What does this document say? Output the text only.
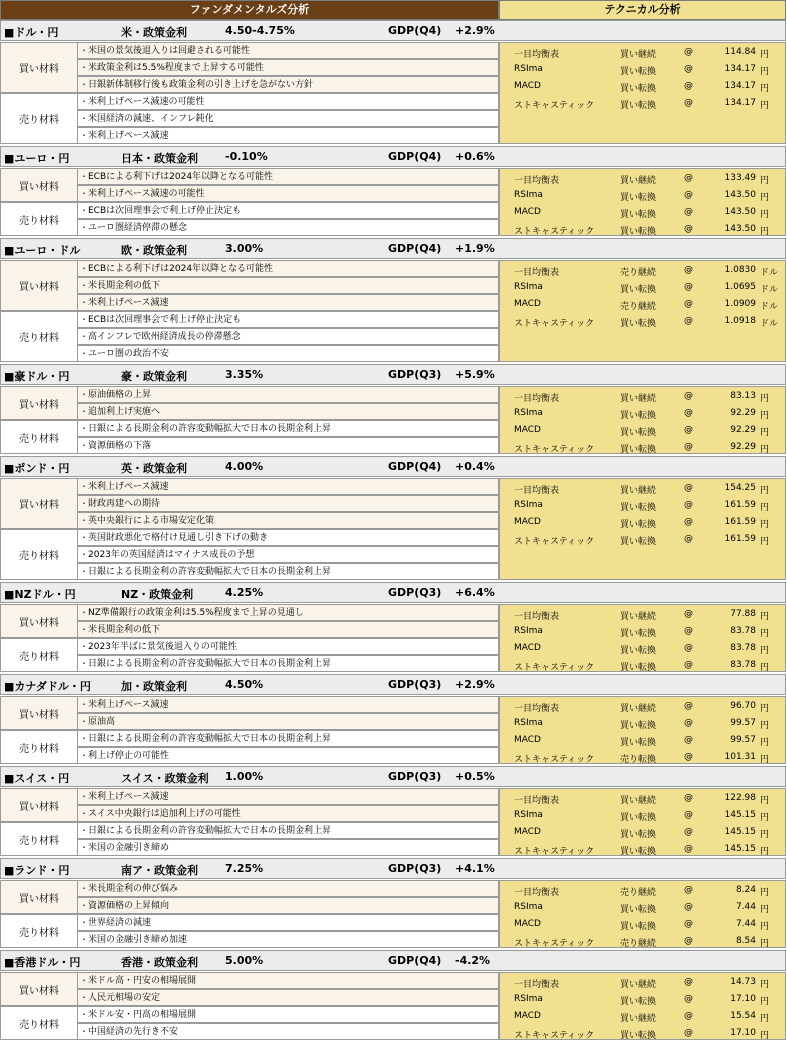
ファンダメンタルズ分析	テクニカル分析
■ドル・円	米・政策金利	4.50-4.75%	GDP(Q4) +2.9%
買い材料
・ 米国の景気後退入りは回避される可能性
・ 米政策金利は5.5%程度まで上昇する可能性
・ 日銀新体制移行後も政策金利の引き上げを急がない方針
売り材料
・ 米利上げペース減速の可能性
・ 米国経済の減速、インフレ鈍化
・ 米利上げペース減速
一目均衡表	買い継続	@	114.84 円
RSIma	買い転換	@	134.17 円
MACD	買い転換	@	134.17 円
ストキャスティック	買い転換	@	134.17 円
■ユーロ・円	日本・政策金利 -0.10%	GDP(Q4) +0.6%
買い材料
・ ECBによる利下げは2024年以降となる可能性
・ 米利上げペース減速の可能性
売り材料
・ ECBは次回理事会で利上げ停止決定も
・ ユーロ圏経済停滞の懸念
一目均衡表	買い継続	@	133.49 円
RSIma	買い転換	@	143.50 円
MACD	買い転換	@	143.50 円
ストキャスティック	買い転換	@	143.50 円
■ユーロ・ドル	欧・政策金利	3.00%	GDP(Q4) +1.9%
買い材料
・ ECBによる利下げは2024年以降となる可能性
・ 米長期金利の低下
・ 米利上げペース減速
売り材料
・ ECBは次回理事会で利上げ停止決定も
・ 高インフレで欧州経済成長の停滞懸念
・ ユーロ圏の政治不安
一目均衡表	売り継続	@	1.0830 ドル
RSIma	買い転換	@	1.0695 ドル
MACD	売り継続	@	1.0909 ドル
ストキャスティック	買い転換	@	1.0918 ドル
■豪ドル・円	豪・政策金利	3.35%	GDP(Q3) +5.9%
買い材料
・ 原油価格の上昇
・ 追加利上げ実施へ
売り材料
・ 日銀による長期金利の許容変動幅拡大で日本の長期金利上昇
・ 資源価格の下落
一目均衡表	買い継続	@	83.13 円
RSIma	買い転換	@	92.29 円
MACD	買い転換	@	92.29 円
ストキャスティック	買い転換	@	92.29 円
■ポンド・円	英・政策金利	4.00%	GDP(Q4) +0.4%
買い材料
・ 米利上げペース減速
・ 財政再建への期待
・ 英中央銀行による市場安定化策
売り材料
・ 英国財政悪化で格付け見通し引き下げの動き
・ 2023年の英国経済はマイナス成長の予想
・ 日銀による長期金利の許容変動幅拡大で日本の長期金利上昇
一目均衡表	買い継続	@	154.25 円
RSIma	買い転換	@	161.59 円
MACD	買い転換	@	161.59 円
ストキャスティック	買い転換	@	161.59 円
■NZドル・円	NZ・政策金利	4.25%	GDP(Q3) +6.4%
買い材料
・ NZ準備銀行の政策金利は5.5%程度まで上昇の見通し
・ 米長期金利の低下
売り材料
・ 2023年半ばに景気後退入りの可能性
・ 日銀による長期金利の許容変動幅拡大で日本の長期金利上昇
一目均衡表	買い継続	@	77.88 円
RSIma	買い転換	@	83.78 円
MACD	買い転換	@	83.78 円
ストキャスティック	買い転換	@	83.78 円
■カナダドル・円	加・政策金利	4.50%	GDP(Q3) +2.9%
買い材料
・ 米利上げペース減速
・ 原油高
売り材料
・ 日銀による長期金利の許容変動幅拡大で日本の長期金利上昇
・ 利上げ停止の可能性
一目均衡表	買い継続	@	96.70 円
RSIma	買い転換	@	99.57 円
MACD	買い転換	@	99.57 円
ストキャスティック	売り転換	@	101.31 円
■スイス・円	スイス・政策金利 1.00%	GDP(Q3) +0.5%
買い材料
・ 米利上げペース減速
・ スイス中央銀行は追加利上げの可能性
売り材料
・ 日銀による長期金利の許容変動幅拡大で日本の長期金利上昇
・ 米国の金融引き締め
一目均衡表	買い継続	@	122.98 円
RSIma	買い転換	@	145.15 円
MACD	買い転換	@	145.15 円
ストキャスティック	買い転換	@	145.15 円
■ランド・円	南ア・政策金利 7.25%	GDP(Q3) +4.1%
買い材料
・ 米長期金利の伸び悩み
・ 資源価格の上昇傾向
売り材料
・ 世界経済の減速
・ 米国の金融引き締め加速
一目均衡表	売り継続	@	8.24 円
RSIma	買い転換	@	7.44 円
MACD	買い転換	@	7.44 円
ストキャスティック	売り継続	@	8.54 円
■香港ドル・円	香港・政策金利 5.00%	GDP(Q4) -4.2%
買い材料
・ 米ドル高・円安の相場展開
・ 人民元相場の安定
売り材料
・ 米ドル安・円高の相場展開
・ 中国経済の先行き不安
一目均衡表	買い継続	@	14.73 円
RSIma	買い転換	@	17.10 円
MACD	買い継続	@	15.54 円
ストキャスティック	買い転換	@	17.10 円
